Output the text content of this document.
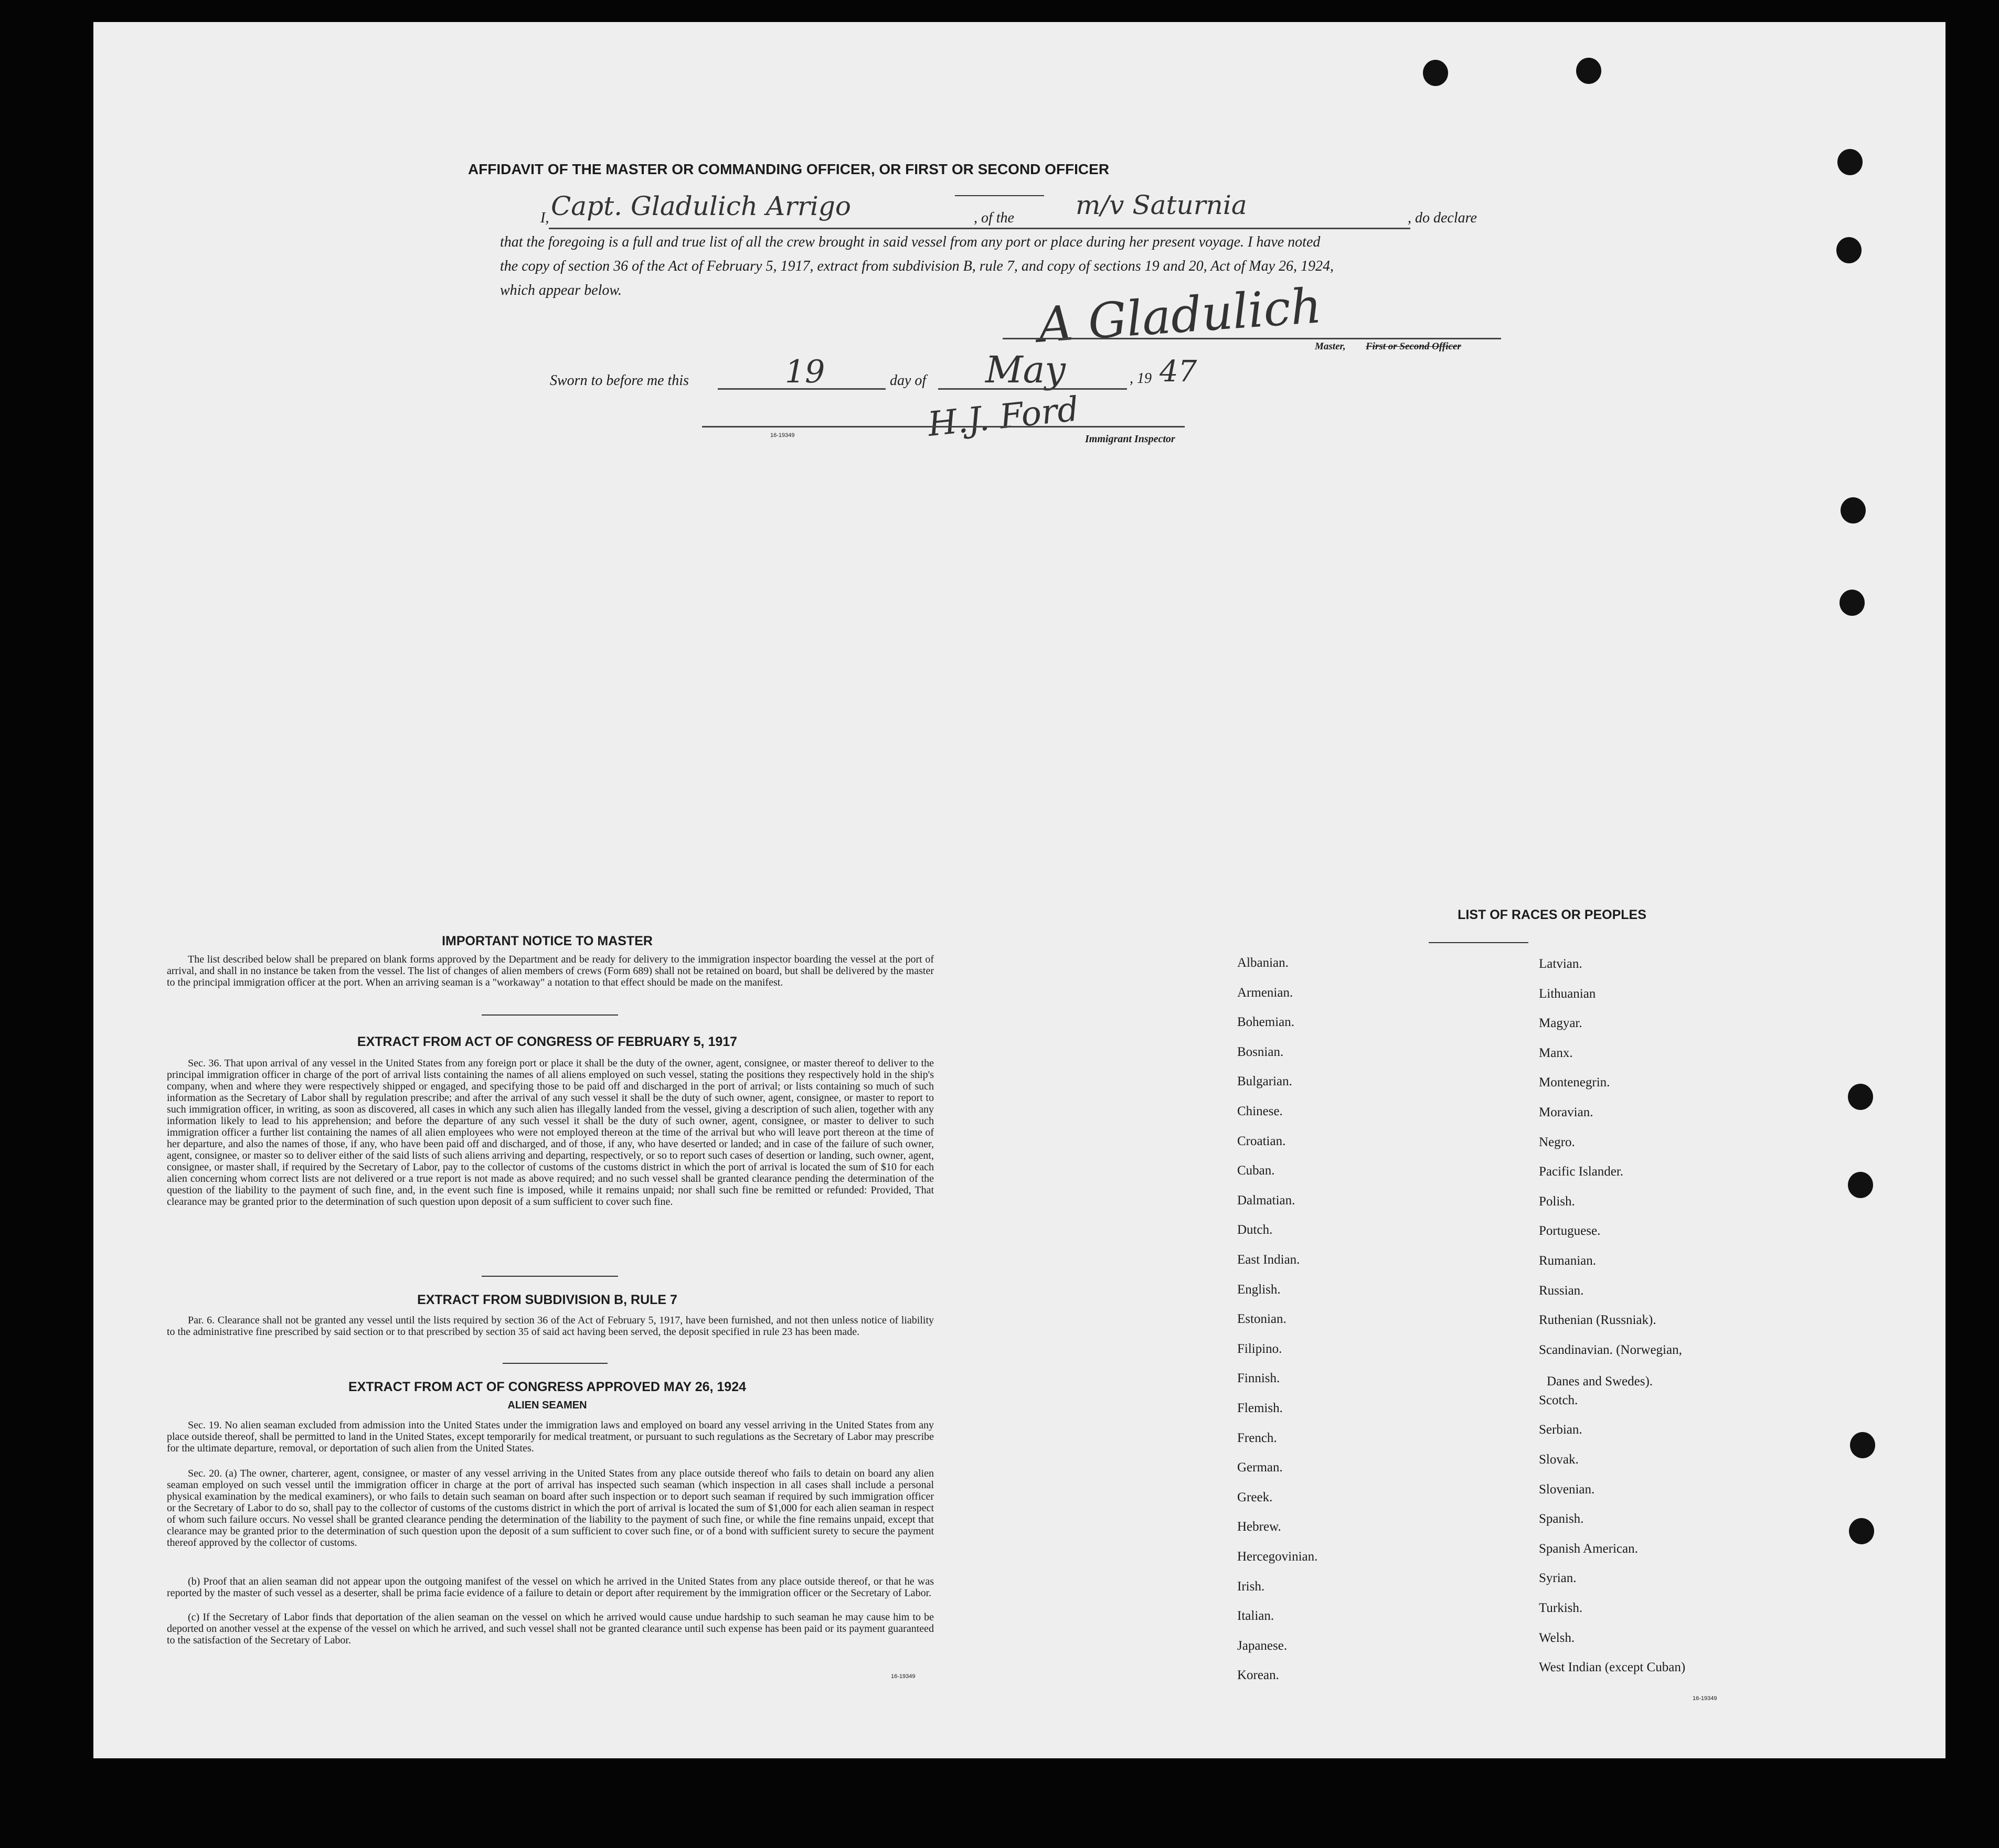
AFFIDAVIT OF THE MASTER OR COMMANDING OFFICER, OR FIRST OR SECOND OFFICER
I, Capt. Gladulich Arrigo	, of the m/v Saturnia	, do declare
that the foregoing is a full and true list of all the crew brought in said vessel from any port or place during her present voyage. I have noted
the copy of section 36 of the Act of February 5, 1917, extract from subdivision B, rule 7, and copy of sections 19 and 20, Act of May 26, 1924,
which appear below.	A Gladulich
Master, First or Second Officer
Sworn to before me this	19	day of May	, 19 47
H.J. Ford
16-19349	Immigrant Inspector
IMPORTANT NOTICE TO MASTER
The list described below shall be prepared on blank forms approved by the Department and be ready for delivery to the immigration inspector boarding the vessel at the port of arrival, and shall in no instance be taken from the vessel. The list of changes of alien members of crews (Form 689) shall not be retained on board, but shall be delivered by the master to the principal immigration officer at the port. When an arriving seaman is a "workaway" a notation to that effect should be made on the manifest.
EXTRACT FROM ACT OF CONGRESS OF FEBRUARY 5, 1917
Sec. 36. That upon arrival of any vessel in the United States from any foreign port or place it shall be the duty of the owner, agent, consignee, or master thereof to deliver to the principal immigration officer in charge of the port of arrival lists containing the names of all aliens employed on such vessel, stating the positions they respectively hold in the ship's company, when and where they were respectively shipped or engaged, and specifying those to be paid off and discharged in the port of arrival; or lists containing so much of such information as the Secretary of Labor shall by regulation prescribe; and after the arrival of any such vessel it shall be the duty of such owner, agent, consignee, or master to report to such immigration officer, in writing, as soon as discovered, all cases in which any such alien has illegally landed from the vessel, giving a description of such alien, together with any information likely to lead to his apprehension; and before the departure of any such vessel it shall be the duty of such owner, agent, consignee, or master to deliver to such immigration officer a further list containing the names of all alien employees who were not employed thereon at the time of the arrival but who will leave port thereon at the time of her departure, and also the names of those, if any, who have been paid off and discharged, and of those, if any, who have deserted or landed; and in case of the failure of such owner, agent, consignee, or master so to deliver either of the said lists of such aliens arriving and departing, respectively, or so to report such cases of desertion or landing, such owner, agent, consignee, or master shall, if required by the Secretary of Labor, pay to the collector of customs of the customs district in which the port of arrival is located the sum of $10 for each alien concerning whom correct lists are not delivered or a true report is not made as above required; and no such vessel shall be granted clearance pending the determination of the question of the liability to the payment of such fine, and, in the event such fine is imposed, while it remains unpaid; nor shall such fine be remitted or refunded: Provided, That clearance may be granted prior to the determination of such question upon deposit of a sum sufficient to cover such fine.
EXTRACT FROM SUBDIVISION B, RULE 7
Par. 6. Clearance shall not be granted any vessel until the lists required by section 36 of the Act of February 5, 1917, have been furnished, and not then unless notice of liability to the administrative fine prescribed by said section or to that prescribed by section 35 of said act having been served, the deposit specified in rule 23 has been made.
EXTRACT FROM ACT OF CONGRESS APPROVED MAY 26, 1924
ALIEN SEAMEN
Sec. 19. No alien seaman excluded from admission into the United States under the immigration laws and employed on board any vessel arriving in the United States from any place outside thereof, shall be permitted to land in the United States, except temporarily for medical treatment, or pursuant to such regulations as the Secretary of Labor may prescribe for the ultimate departure, removal, or deportation of such alien from the United States.
Sec. 20. (a) The owner, charterer, agent, consignee, or master of any vessel arriving in the United States from any place outside thereof who fails to detain on board any alien seaman employed on such vessel until the immigration officer in charge at the port of arrival has inspected such seaman (which inspection in all cases shall include a personal physical examination by the medical examiners), or who fails to detain such seaman on board after such inspection or to deport such seaman if required by such immigration officer or the Secretary of Labor to do so, shall pay to the collector of customs of the customs district in which the port of arrival is located the sum of $1,000 for each alien seaman in respect of whom such failure occurs. No vessel shall be granted clearance pending the determination of the liability to the payment of such fine, or while the fine remains unpaid, except that clearance may be granted prior to the determination of such question upon the deposit of a sum sufficient to cover such fine, or of a bond with sufficient surety to secure the payment thereof approved by the collector of customs.
(b) Proof that an alien seaman did not appear upon the outgoing manifest of the vessel on which he arrived in the United States from any place outside thereof, or that he was reported by the master of such vessel as a deserter, shall be prima facie evidence of a failure to detain or deport after requirement by the immigration officer or the Secretary of Labor.
(c) If the Secretary of Labor finds that deportation of the alien seaman on the vessel on which he arrived would cause undue hardship to such seaman he may cause him to be deported on another vessel at the expense of the vessel on which he arrived, and such vessel shall not be granted clearance until such expense has been paid or its payment guaranteed to the satisfaction of the Secretary of Labor.
16-19349
LIST OF RACES OR PEOPLES
Albanian.
Armenian.
Bohemian.
Bosnian.
Bulgarian.
Chinese.
Croatian.
Cuban.
Dalmatian.
Dutch.
East Indian.
English.
Estonian.
Filipino.
Finnish.
Flemish.
French.
German.
Greek.
Hebrew.
Hercegovinian.
Irish.
Italian.
Japanese.
Korean.
Latvian.
Lithuanian
Magyar.
Manx.
Montenegrin.
Moravian.
Negro.
Pacific Islander.
Polish.
Portuguese.
Rumanian.
Russian.
Ruthenian (Russniak).
Scandinavian. (Norwegian,
Scotch.
Serbian.
Slovak.
Slovenian.
Spanish.
Spanish American.
Syrian.
Turkish.
Welsh.
West Indian (except Cuban)
Danes and Swedes).
16-19349
